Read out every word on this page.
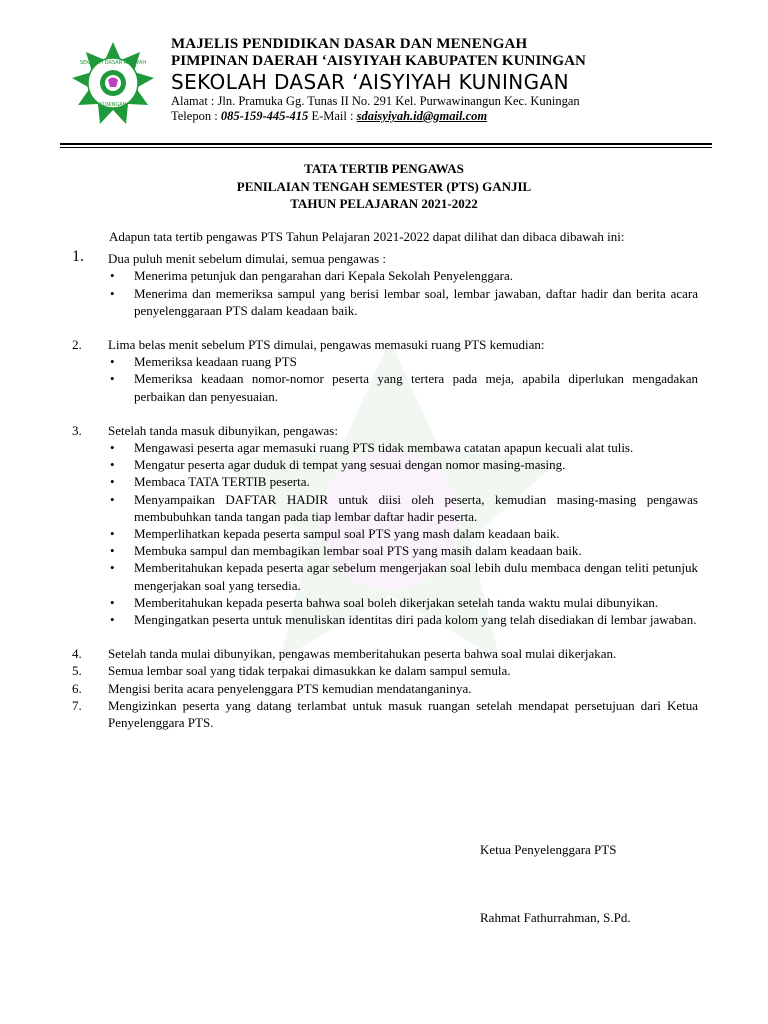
SEKOLAH DASAR AISYIYAH
KUNINGAN
MAJELIS PENDIDIKAN DASAR DAN MENENGAH
PIMPINAN DAERAH ‘AISYIYAH KABUPATEN KUNINGAN
SEKOLAH DASAR ‘AISYIYAH KUNINGAN
Alamat : Jln. Pramuka Gg. Tunas II No. 291 Kel. Purwawinangun Kec. Kuningan
Telepon : 085-159-445-415 E-Mail : sdaisyiyah.id@gmail.com
TATA TERTIB PENGAWAS
PENILAIAN TENGAH SEMESTER (PTS) GANJIL
TAHUN PELAJARAN 2021-2022

Adapun tata tertib pengawas PTS Tahun Pelajaran 2021-2022 dapat dilihat dan dibaca dibawah ini:

1. Dua puluh menit sebelum dimulai, semua pengawas :
• Menerima petunjuk dan pengarahan dari Kepala Sekolah Penyelenggara.
• Menerima dan memeriksa sampul yang berisi lembar soal, lembar jawaban, daftar hadir dan berita acara penyelenggaraan PTS dalam keadaan baik.
2. Lima belas menit sebelum PTS dimulai, pengawas memasuki ruang PTS kemudian:
• Memeriksa keadaan ruang PTS
• Memeriksa keadaan nomor-nomor peserta yang tertera pada meja, apabila diperlukan mengadakan perbaikan dan penyesuaian.
3. Setelah tanda masuk dibunyikan, pengawas:
• Mengawasi peserta agar memasuki ruang PTS tidak membawa catatan apapun kecuali alat tulis.
• Mengatur peserta agar duduk di tempat yang sesuai dengan nomor masing-masing.
• Membaca TATA TERTIB peserta.
• Menyampaikan DAFTAR HADIR untuk diisi oleh peserta, kemudian masing-masing pengawas membubuhkan tanda tangan pada tiap lembar daftar hadir peserta.
• Memperlihatkan kepada peserta sampul soal PTS yang mash dalam keadaan baik.
• Membuka sampul dan membagikan lembar soal PTS yang masih dalam keadaan baik.
• Memberitahukan kepada peserta agar sebelum mengerjakan soal lebih dulu membaca dengan teliti petunjuk mengerjakan soal yang tersedia.
• Memberitahukan kepada peserta bahwa soal boleh dikerjakan setelah tanda waktu mulai dibunyikan.
• Mengingatkan peserta untuk menuliskan identitas diri pada kolom yang telah disediakan di lembar jawaban.
4. Setelah tanda mulai dibunyikan, pengawas memberitahukan peserta bahwa soal mulai dikerjakan.
5. Semua lembar soal yang tidak terpakai dimasukkan ke dalam sampul semula.
6. Mengisi berita acara penyelenggara PTS kemudian mendatanganinya.
7. Mengizinkan peserta yang datang terlambat untuk masuk ruangan setelah mendapat persetujuan dari Ketua Penyelenggara PTS.
Ketua Penyelenggara PTS
Rahmat Fathurrahman, S.Pd.
